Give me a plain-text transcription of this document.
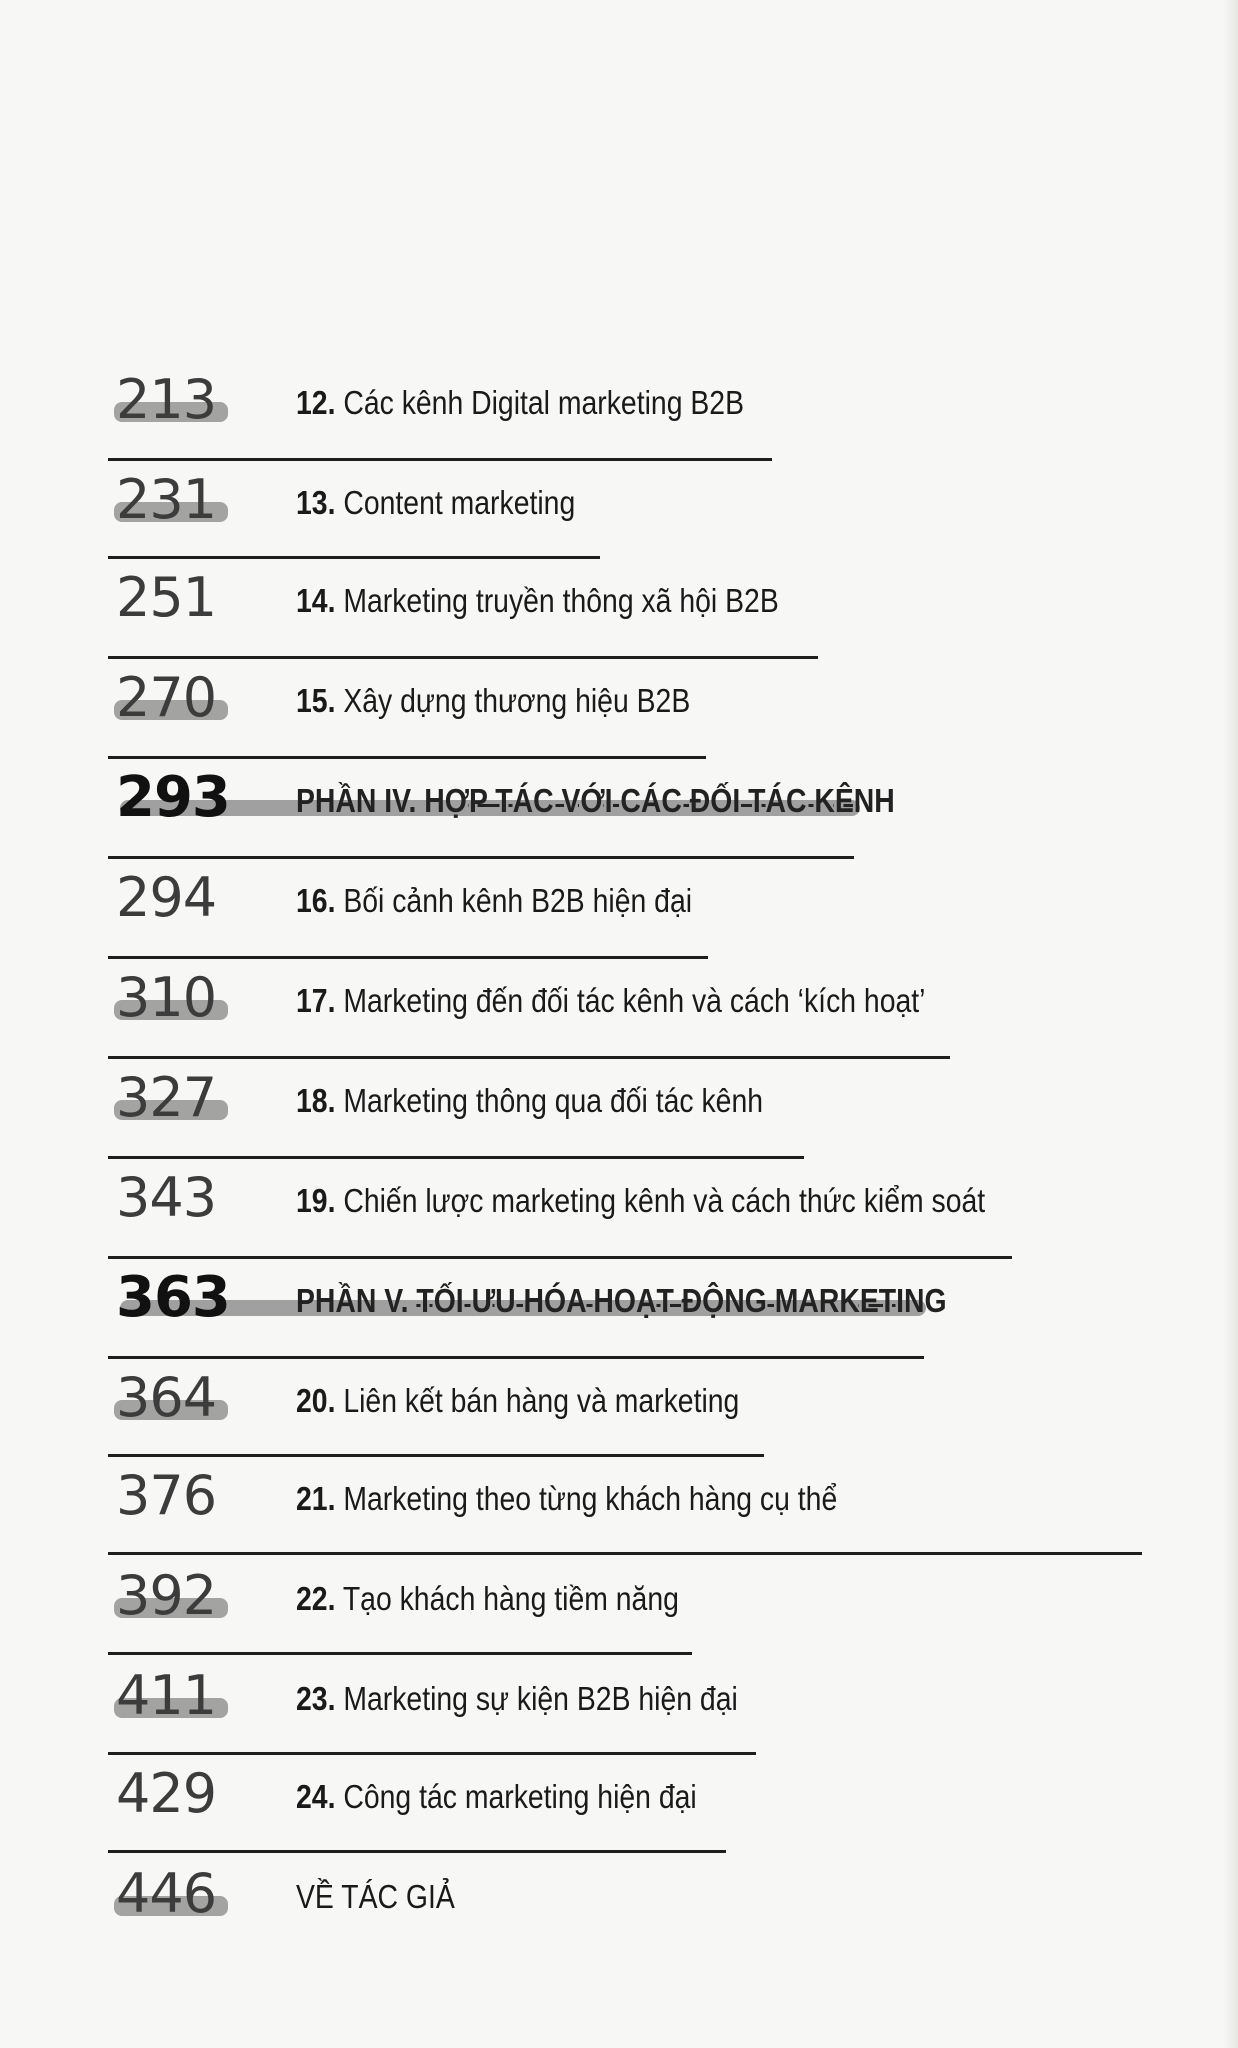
213	12. Các kênh Digital marketing B2B
231	13. Content marketing
251	14. Marketing truyền thông xã hội B2B
270	15. Xây dựng thương hiệu B2B
293 PHẦN IV. HỢP TÁC VỚI CÁC ĐỐI TÁC KÊNH
294	16. Bối cảnh kênh B2B hiện đại
310	17. Marketing đến đối tác kênh và cách ‘kích hoạt’
327	18. Marketing thông qua đối tác kênh
343	19. Chiến lược marketing kênh và cách thức kiểm soát
363 PHẦN V. TỐI ƯU HÓA HOẠT ĐỘNG MARKETING
364	20. Liên kết bán hàng và marketing
376	21. Marketing theo từng khách hàng cụ thể
392	22. Tạo khách hàng tiềm năng
411	23. Marketing sự kiện B2B hiện đại
429	24. Công tác marketing hiện đại
446	VỀ TÁC GIẢ
